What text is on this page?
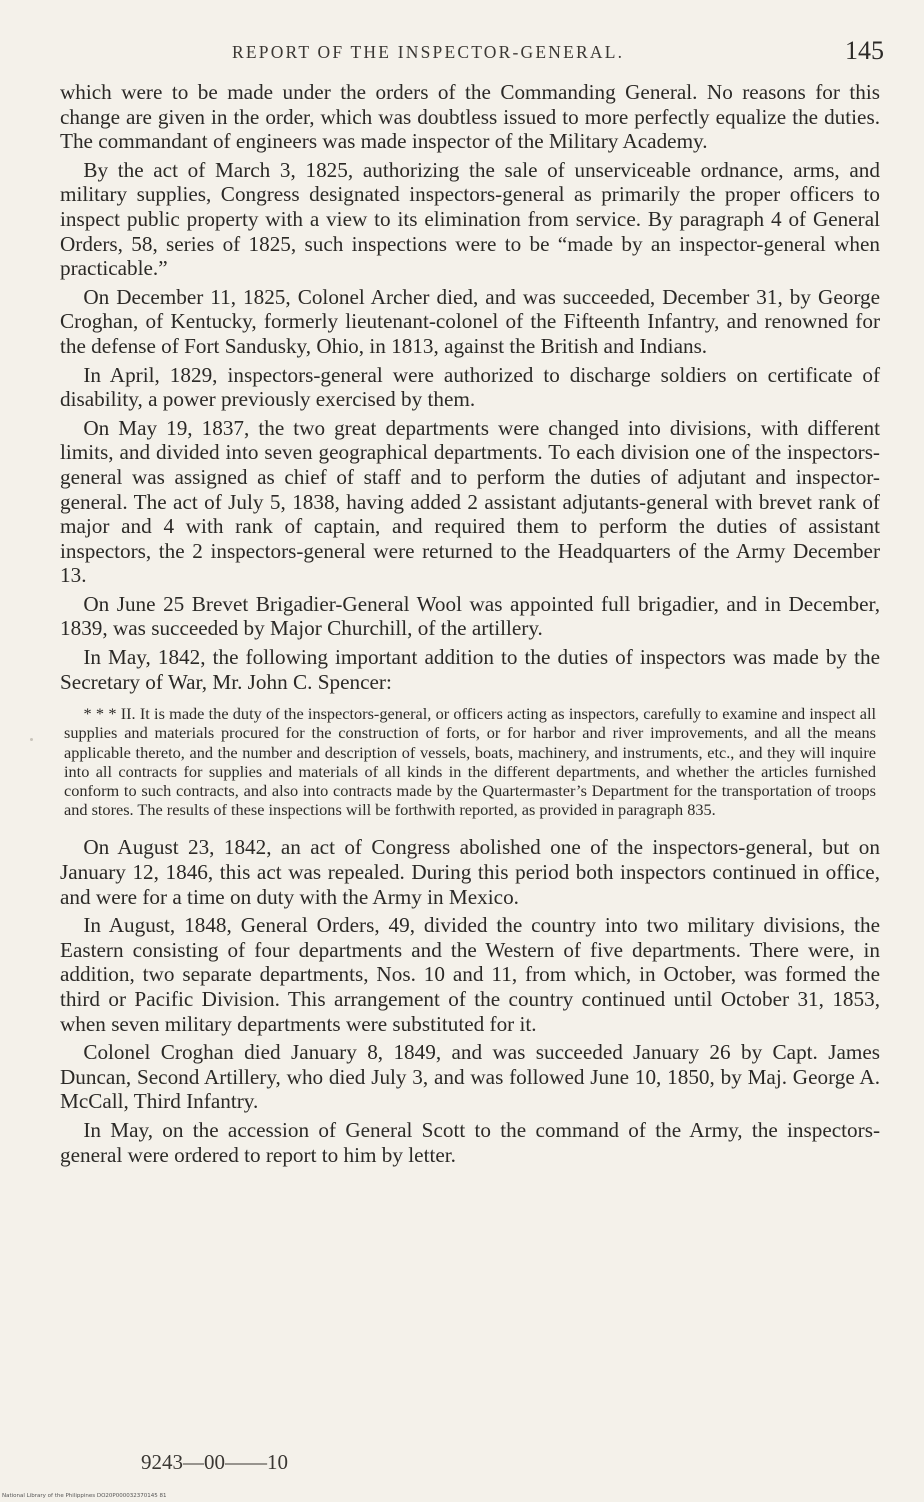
REPORT OF THE INSPECTOR-GENERAL.	145

which were to be made under the orders of the Commanding General. No reasons for this change are given in the order, which was doubtless issued to more perfectly equalize the duties. The commandant of engineers was made inspector of the Military Academy.

By the act of March 3, 1825, authorizing the sale of unserviceable ordnance, arms, and military supplies, Congress designated inspectors-general as primarily the proper officers to inspect public property with a view to its elimination from service. By paragraph 4 of General Orders, 58, series of 1825, such inspections were to be “made by an inspector-general when practicable.”

On December 11, 1825, Colonel Archer died, and was succeeded, December 31, by George Croghan, of Kentucky, formerly lieutenant-colonel of the Fifteenth Infantry, and renowned for the defense of Fort Sandusky, Ohio, in 1813, against the British and Indians.

In April, 1829, inspectors-general were authorized to discharge soldiers on certificate of disability, a power previously exercised by them.

On May 19, 1837, the two great departments were changed into divisions, with different limits, and divided into seven geographical departments. To each division one of the inspectors-general was assigned as chief of staff and to perform the duties of adjutant and inspector-general. The act of July 5, 1838, having added 2 assistant adjutants-general with brevet rank of major and 4 with rank of captain, and required them to perform the duties of assistant inspectors, the 2 inspectors-general were returned to the Headquarters of the Army December 13.

On June 25 Brevet Brigadier-General Wool was appointed full brigadier, and in December, 1839, was succeeded by Major Churchill, of the artillery.

In May, 1842, the following important addition to the duties of inspectors was made by the Secretary of War, Mr. John C. Spencer:

* * * II. It is made the duty of the inspectors-general, or officers acting as inspectors, carefully to examine and inspect all supplies and materials procured for the construction of forts, or for harbor and river improvements, and all the means applicable thereto, and the number and description of vessels, boats, machinery, and instruments, etc., and they will inquire into all contracts for supplies and materials of all kinds in the different departments, and whether the articles furnished conform to such contracts, and also into contracts made by the Quartermaster’s Department for the transportation of troops and stores. The results of these inspections will be forthwith reported, as provided in paragraph 835.

On August 23, 1842, an act of Congress abolished one of the inspectors-general, but on January 12, 1846, this act was repealed. During this period both inspectors continued in office, and were for a time on duty with the Army in Mexico.

In August, 1848, General Orders, 49, divided the country into two military divisions, the Eastern consisting of four departments and the Western of five departments. There were, in addition, two separate departments, Nos. 10 and 11, from which, in October, was formed the third or Pacific Division. This arrangement of the country continued until October 31, 1853, when seven military departments were substituted for it.

Colonel Croghan died January 8, 1849, and was succeeded January 26 by Capt. James Duncan, Second Artillery, who died July 3, and was followed June 10, 1850, by Maj. George A. McCall, Third Infantry.

In May, on the accession of General Scott to the command of the Army, the inspectors-general were ordered to report to him by letter.

9243—00——10
National Library of the Philippines DO20P000032370145 81
